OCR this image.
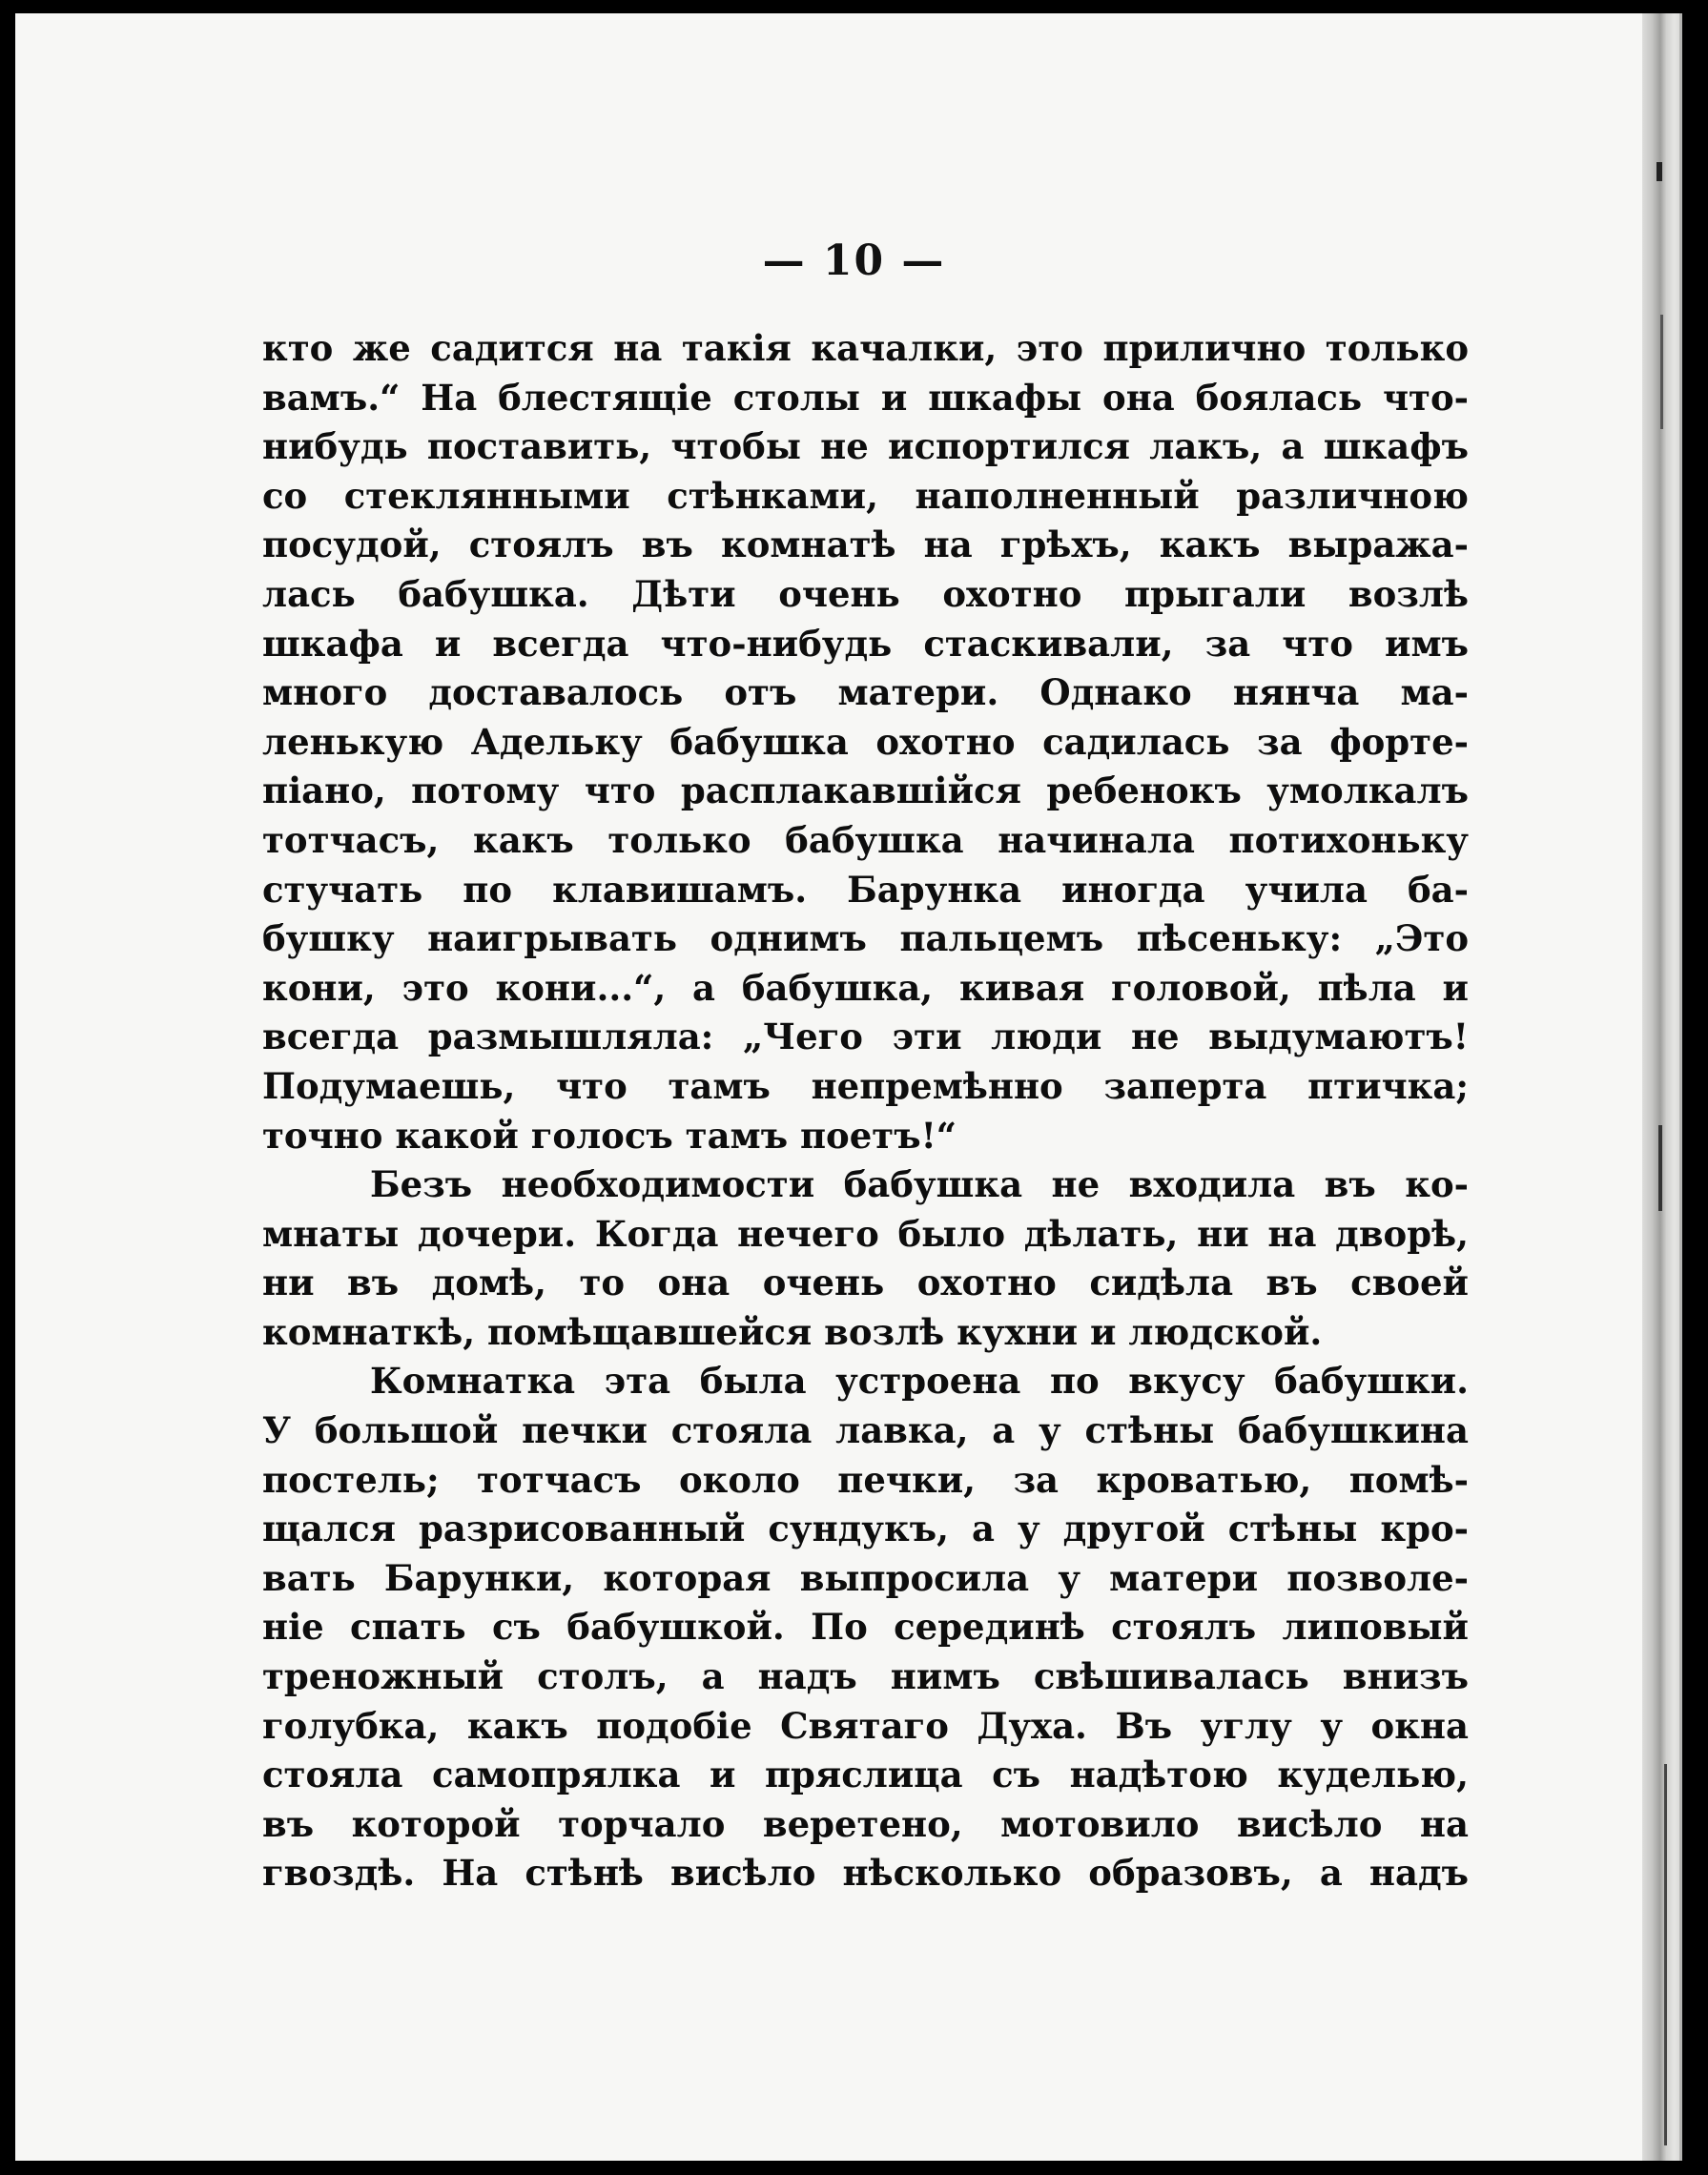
— 10 —
кто же садится на такія качалки, это прилично только
вамъ.“ На блестящіе столы и шкафы она боялась что-
нибудь поставить, чтобы не испортился лакъ, а шкафъ
со стеклянными стѣнками, наполненный различною
посудой, стоялъ въ комнатѣ на грѣхъ, какъ выража-
лась бабушка. Дѣти очень охотно прыгали возлѣ
шкафа и всегда что-нибудь стаскивали, за что имъ
много доставалось отъ матери. Однако нянча ма-
ленькую Адельку бабушка охотно садилась за форте-
піано, потому что расплакавшійся ребенокъ умолкалъ
тотчасъ, какъ только бабушка начинала потихоньку
стучать по клавишамъ. Барунка иногда учила ба-
бушку наигрывать однимъ пальцемъ пѣсеньку: „Это
кони, это кони...“, а бабушка, кивая головой, пѣла и
всегда размышляла: „Чего эти люди не выдумаютъ!
Подумаешь, что тамъ непремѣнно заперта птичка;
точно какой голосъ тамъ поетъ!“
Безъ необходимости бабушка не входила въ ко-
мнаты дочери. Когда нечего было дѣлать, ни на дворѣ,
ни въ домѣ, то она очень охотно сидѣла въ своей
комнаткѣ, помѣщавшейся возлѣ кухни и людской.
Комнатка эта была устроена по вкусу бабушки.
У большой печки стояла лавка, а у стѣны бабушкина
постель; тотчасъ около печки, за кроватью, помѣ-
щался разрисованный сундукъ, а у другой стѣны кро-
вать Барунки, которая выпросила у матери позволе-
ніе спать съ бабушкой. По серединѣ стоялъ липовый
треножный столъ, а надъ нимъ свѣшивалась внизъ
голубка, какъ подобіе Святаго Духа. Въ углу у окна
стояла самопрялка и пряслица съ надѣтою куделью,
въ которой торчало веретено, мотовило висѣло на
гвоздѣ. На стѣнѣ висѣло нѣсколько образовъ, а надъ
